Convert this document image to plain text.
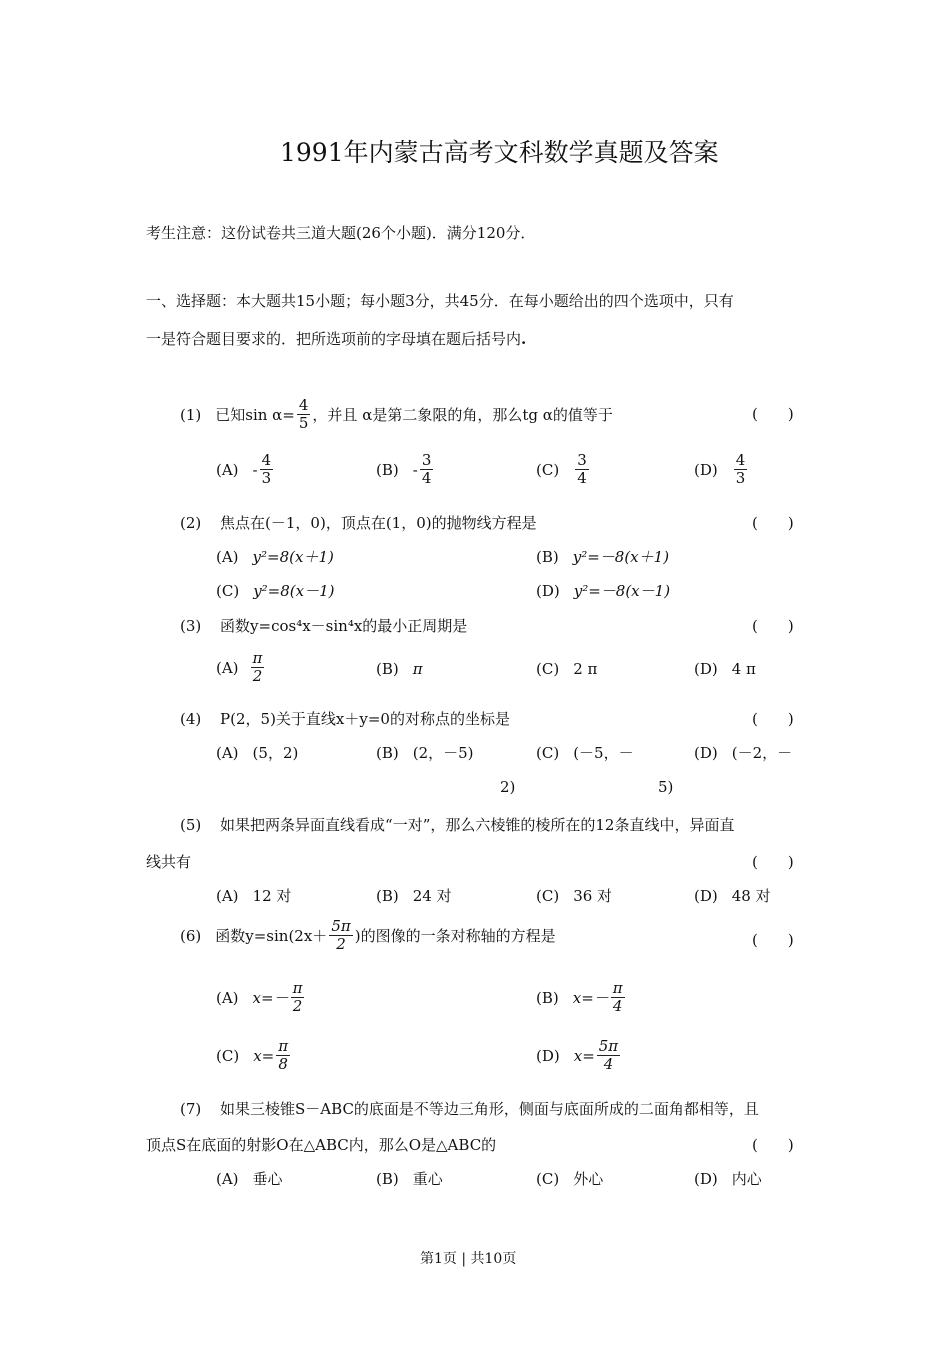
1991年内蒙古高考文科数学真题及答案
考生注意：这份试卷共三道大题(26个小题)．满分120分．
一、选择题：本大题共15小题；每小题3分，共45分．在每小题给出的四个选项中，只有
一是符合题目要求的．把所选项前的字母填在题后括号内.
(1) 已知$\sin \alpha= \frac{4}{5}$ ，并且 α是第二象限的角，那么tg α的值等于	(　　)
$(A) - \frac{4}{3}$	$(B) - \frac{3}{4}$	$(C) \frac{3}{4}$	$(D) \frac{4}{3}$
(2) 焦点在(－1，0)，顶点在(1，0)的抛物线方程是	(　　)
(A) y²=8(x＋1)	(B) y²=－8(x＋1)
(C) y²=8(x－1)	(D) y²=－8(x－1)
(3) 函数y=cos⁴x－sin⁴x的最小正周期是	(　　)
$(A) \frac{\pi}{2}$	(B) π	(C) 2 π	(D) 4 π
(4) P(2，5)关于直线x＋y=0的对称点的坐标是	(　　)
(A) (5，2)	(B) (2，－5)	(C) (－5，－	(D) (－2，－
2)	5)
(5) 如果把两条异面直线看成“一对”，那么六棱锥的棱所在的12条直线中，异面直
线共有	(　　)
(A) 12 对	(B) 24 对	(C) 36 对	(D) 48 对
(6) 函数$y=\sin(2x+ \frac{5\pi}{2}$ )的图像的一条对称轴的方程是	(　　)
(A) $x=- \frac{\pi}{2}$	(B) $x=- \frac{\pi}{4}$
(C) $x= \frac{\pi}{8}$	(D) $x= \frac{5\pi}{4}$
(7) 如果三棱锥S－ABC的底面是不等边三角形，侧面与底面所成的二面角都相等，且
顶点S在底面的射影O在△ABC内，那么O是△ABC的	(　　)
(A) 垂心	(B) 重心	(C) 外心	(D) 内心
第1页 | 共10页
